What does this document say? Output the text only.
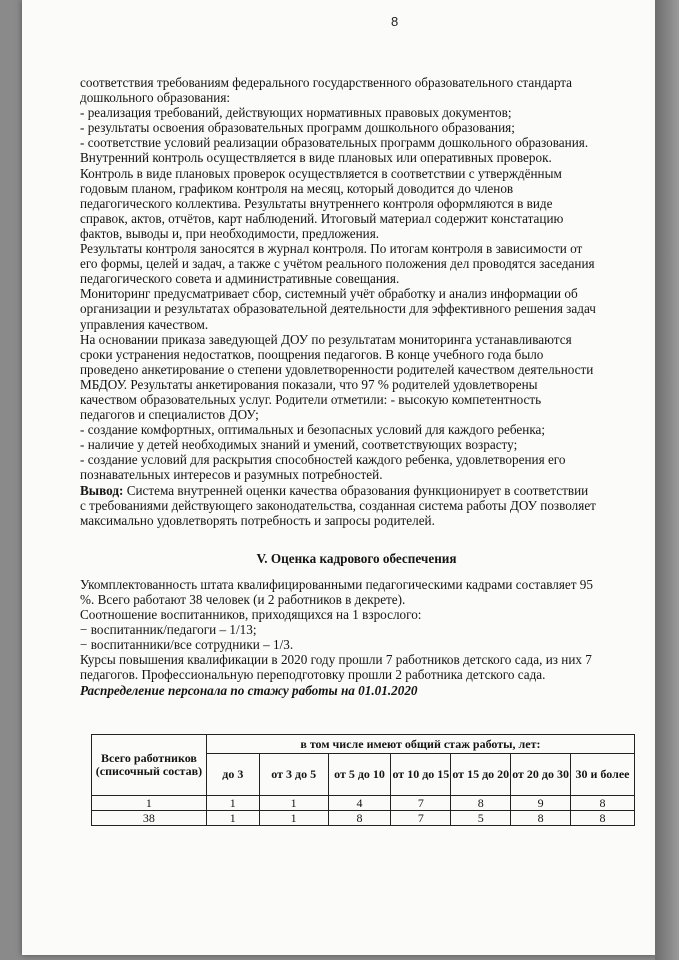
8

соответствия требованиям федерального государственного образовательного стандарта

дошкольного образования:

- реализация требований, действующих нормативных правовых документов;

- результаты освоения образовательных программ дошкольного образования;

- соответствие условий реализации образовательных программ дошкольного образования.

Внутренний контроль осуществляется в виде плановых или оперативных проверок.

Контроль в виде плановых проверок осуществляется в соответствии с утверждённым

годовым планом, графиком контроля на месяц, который доводится до членов

педагогического коллектива. Результаты внутреннего контроля оформляются в виде

справок, актов, отчётов, карт наблюдений. Итоговый материал содержит констатацию

фактов, выводы и, при необходимости, предложения.

Результаты контроля заносятся в журнал контроля. По итогам контроля в зависимости от

его формы, целей и задач, а также с учётом реального положения дел проводятся заседания

педагогического совета и административные совещания.

Мониторинг предусматривает сбор, системный учёт обработку и анализ информации об

организации и результатах образовательной деятельности для эффективного решения задач

управления качеством.

На основании приказа заведующей ДОУ по результатам мониторинга устанавливаются

сроки устранения недостатков, поощрения педагогов. В конце учебного года было

проведено анкетирование о степени удовлетворенности родителей качеством деятельности

МБДОУ. Результаты анкетирования показали, что 97 % родителей удовлетворены

качеством образовательных услуг. Родители отметили: - высокую компетентность

педагогов и специалистов ДОУ;

- создание комфортных, оптимальных и безопасных условий для каждого ребенка;

- наличие у детей необходимых знаний и умений, соответствующих возрасту;

- создание условий для раскрытия способностей каждого ребенка, удовлетворения его

познавательных интересов и разумных потребностей.

Вывод: Система внутренней оценки качества образования функционирует в соответствии

с требованиями действующего законодательства, созданная система работы ДОУ позволяет

максимально удовлетворять потребность и запросы родителей.

V. Оценка кадрового обеспечения

Укомплектованность штата квалифицированными педагогическими кадрами составляет 95

%. Всего работают 38 человек (и 2 работников в декрете).

Соотношение воспитанников, приходящихся на 1 взрослого:

− воспитанник/педагоги – 1/13;

− воспитанники/все сотрудники – 1/3.

Курсы повышения квалификации в 2020 году прошли 7 работников детского сада, из них 7

педагогов. Профессиональную переподготовку прошли 2 работника детского сада.

Распределение персонала по стажу работы на 01.01.2020

Всего работников (списочный состав)	в том числе имеют общий стаж работы, лет:						
	до 3	от 3 до 5	от 5 до 10	от 10 до 15	от 15 до 20	от 20 до 30	30 и более
1	1	1	4	7	8	9	8
38	1	1	8	7	5	8	8
